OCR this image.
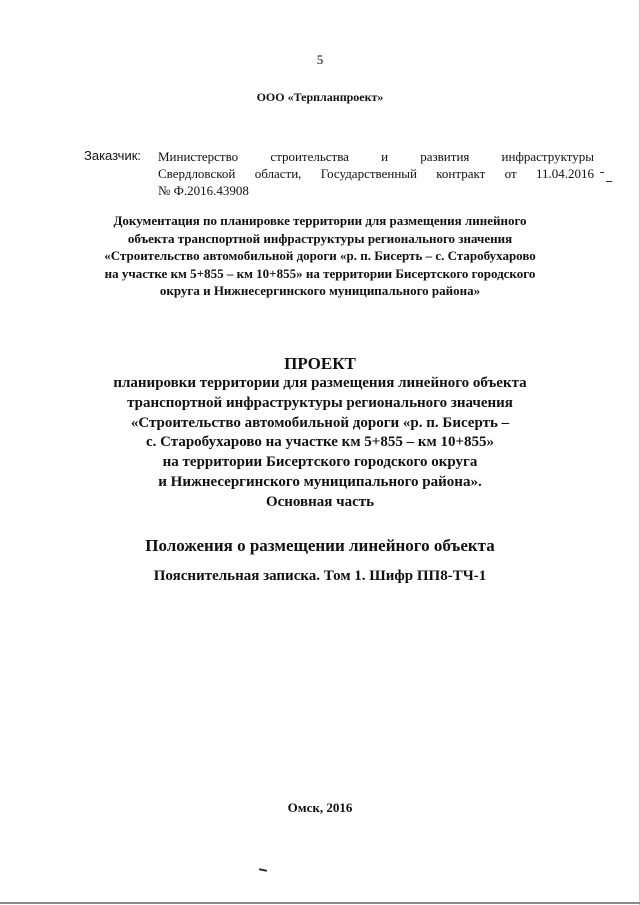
5
ООО «Терпланпроект»
Заказчик: Министерство строительства и развития инфраструктуры
Свердловской области, Государственный контракт от 11.04.2016
№ Ф.2016.43908
Документация по планировке территории для размещения линейного
объекта транспортной инфраструктуры регионального значения
«Строительство автомобильной дороги «р. п. Бисерть – с. Старобухарово
на участке км 5+855 – км 10+855» на территории Бисертского городского
округа и Нижнесергинского муниципального района»
ПРОЕКТ
планировки территории для размещения линейного объекта
транспортной инфраструктуры регионального значения
«Строительство автомобильной дороги «р. п. Бисерть –
с. Старобухарово на участке км 5+855 – км 10+855»
на территории Бисертского городского округа
и Нижнесергинского муниципального района».
Основная часть
Положения о размещении линейного объекта
Пояснительная записка. Том 1. Шифр ПП8-ТЧ-1
Омск, 2016
